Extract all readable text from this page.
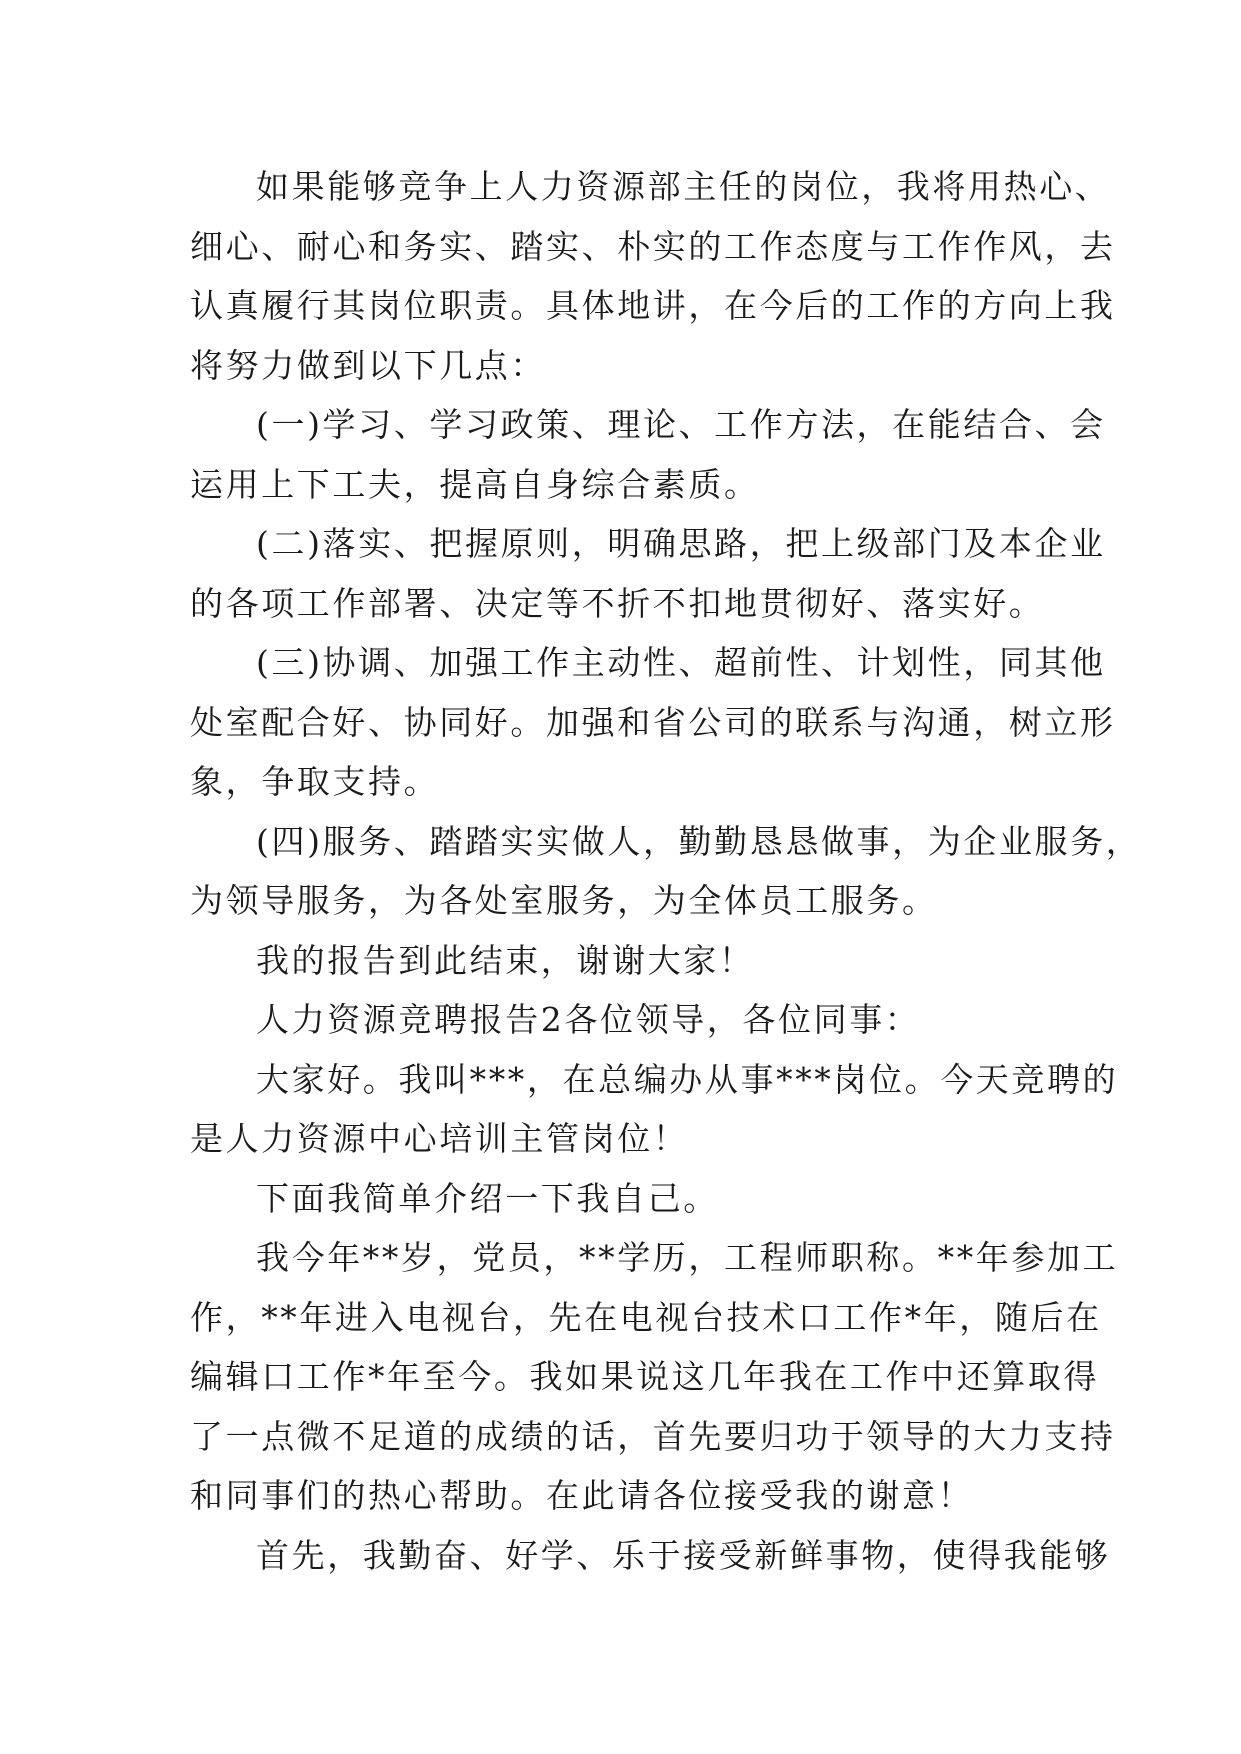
如果能够竞争上人力资源部主任的岗位，我将用热心、
细心、耐心和务实、踏实、朴实的工作态度与工作作风，去
认真履行其岗位职责。具体地讲，在今后的工作的方向上我
将努力做到以下几点：
(一)学习、学习政策、理论、工作方法，在能结合、会
运用上下工夫，提高自身综合素质。
(二)落实、把握原则，明确思路，把上级部门及本企业
的各项工作部署、决定等不折不扣地贯彻好、落实好。
(三)协调、加强工作主动性、超前性、计划性，同其他
处室配合好、协同好。加强和省公司的联系与沟通，树立形
象，争取支持。
(四)服务、踏踏实实做人，勤勤恳恳做事，为企业服务，
为领导服务，为各处室服务，为全体员工服务。
我的报告到此结束，谢谢大家！
人力资源竞聘报告2各位领导，各位同事：
大家好。我叫***，在总编办从事***岗位。今天竞聘的
是人力资源中心培训主管岗位！
下面我简单介绍一下我自己。
我今年**岁，党员，**学历，工程师职称。**年参加工
作，**年进入电视台，先在电视台技术口工作*年，随后在
编辑口工作*年至今。我如果说这几年我在工作中还算取得
了一点微不足道的成绩的话，首先要归功于领导的大力支持
和同事们的热心帮助。在此请各位接受我的谢意！
首先，我勤奋、好学、乐于接受新鲜事物，使得我能够
